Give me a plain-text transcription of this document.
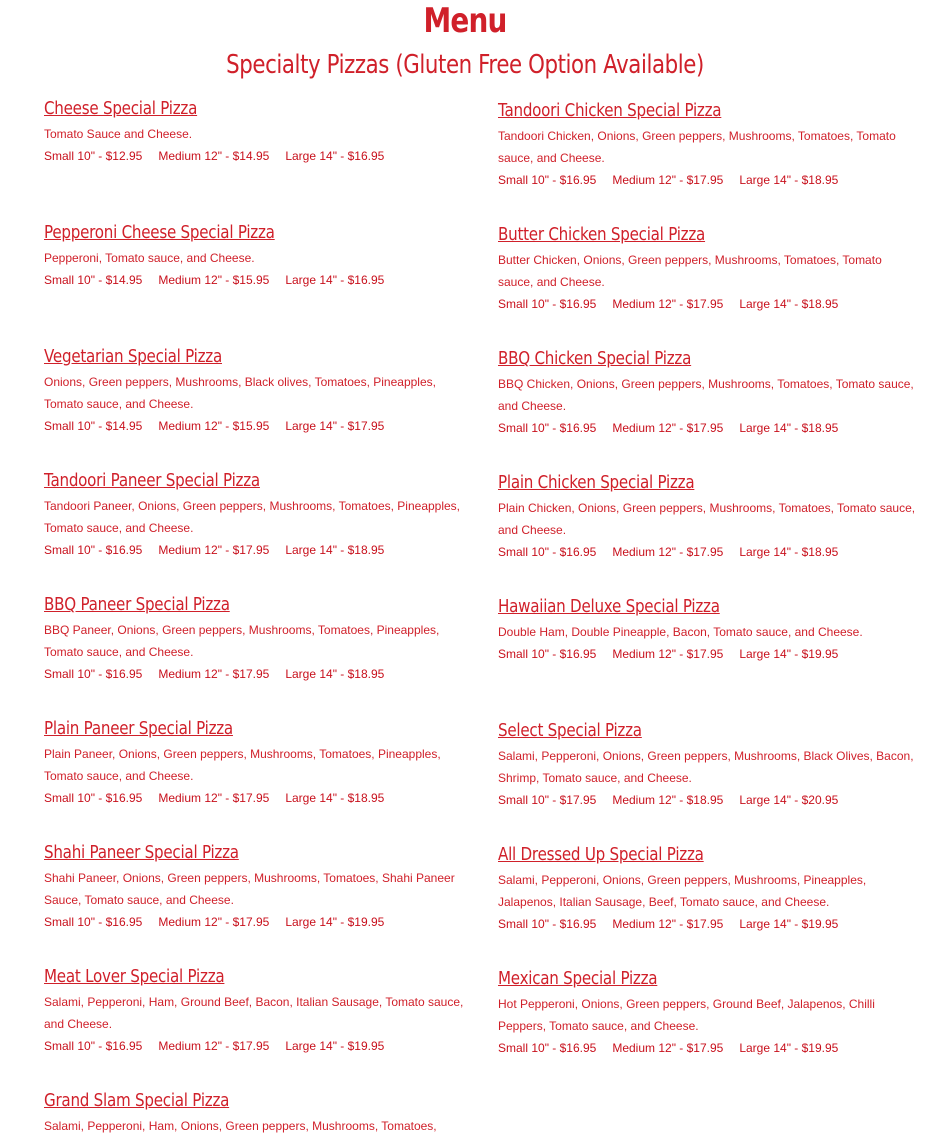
Menu
Specialty Pizzas (Gluten Free Option Available)
Cheese Special Pizza
Tomato Sauce and Cheese.
Small 10" - $12.95 Medium 12" - $14.95 Large 14" - $16.95
Pepperoni Cheese Special Pizza
Pepperoni, Tomato sauce, and Cheese.
Small 10" - $14.95 Medium 12" - $15.95 Large 14" - $16.95
Vegetarian Special Pizza
Onions, Green peppers, Mushrooms, Black olives, Tomatoes, Pineapples, Tomato sauce, and Cheese.
Small 10" - $14.95 Medium 12" - $15.95 Large 14" - $17.95
Tandoori Paneer Special Pizza
Tandoori Paneer, Onions, Green peppers, Mushrooms, Tomatoes, Pineapples, Tomato sauce, and Cheese.
Small 10" - $16.95 Medium 12" - $17.95 Large 14" - $18.95
BBQ Paneer Special Pizza
BBQ Paneer, Onions, Green peppers, Mushrooms, Tomatoes, Pineapples, Tomato sauce, and Cheese.
Small 10" - $16.95 Medium 12" - $17.95 Large 14" - $18.95
Plain Paneer Special Pizza
Plain Paneer, Onions, Green peppers, Mushrooms, Tomatoes, Pineapples, Tomato sauce, and Cheese.
Small 10" - $16.95 Medium 12" - $17.95 Large 14" - $18.95
Shahi Paneer Special Pizza
Shahi Paneer, Onions, Green peppers, Mushrooms, Tomatoes, Shahi Paneer Sauce, Tomato sauce, and Cheese.
Small 10" - $16.95 Medium 12" - $17.95 Large 14" - $19.95
Meat Lover Special Pizza
Salami, Pepperoni, Ham, Ground Beef, Bacon, Italian Sausage, Tomato sauce, and Cheese.
Small 10" - $16.95 Medium 12" - $17.95 Large 14" - $19.95
Grand Slam Special Pizza
Salami, Pepperoni, Ham, Onions, Green peppers, Mushrooms, Tomatoes,
Tandoori Chicken Special Pizza
Tandoori Chicken, Onions, Green peppers, Mushrooms, Tomatoes, Tomato sauce, and Cheese.
Small 10" - $16.95 Medium 12" - $17.95 Large 14" - $18.95
Butter Chicken Special Pizza
Butter Chicken, Onions, Green peppers, Mushrooms, Tomatoes, Tomato sauce, and Cheese.
Small 10" - $16.95 Medium 12" - $17.95 Large 14" - $18.95
BBQ Chicken Special Pizza
BBQ Chicken, Onions, Green peppers, Mushrooms, Tomatoes, Tomato sauce, and Cheese.
Small 10" - $16.95 Medium 12" - $17.95 Large 14" - $18.95
Plain Chicken Special Pizza
Plain Chicken, Onions, Green peppers, Mushrooms, Tomatoes, Tomato sauce, and Cheese.
Small 10" - $16.95 Medium 12" - $17.95 Large 14" - $18.95
Hawaiian Deluxe Special Pizza
Double Ham, Double Pineapple, Bacon, Tomato sauce, and Cheese.
Small 10" - $16.95 Medium 12" - $17.95 Large 14" - $19.95
Select Special Pizza
Salami, Pepperoni, Onions, Green peppers, Mushrooms, Black Olives, Bacon, Shrimp, Tomato sauce, and Cheese.
Small 10" - $17.95 Medium 12" - $18.95 Large 14" - $20.95
All Dressed Up Special Pizza
Salami, Pepperoni, Onions, Green peppers, Mushrooms, Pineapples, Jalapenos, Italian Sausage, Beef, Tomato sauce, and Cheese.
Small 10" - $16.95 Medium 12" - $17.95 Large 14" - $19.95
Mexican Special Pizza
Hot Pepperoni, Onions, Green peppers, Ground Beef, Jalapenos, Chilli Peppers, Tomato sauce, and Cheese.
Small 10" - $16.95 Medium 12" - $17.95 Large 14" - $19.95
